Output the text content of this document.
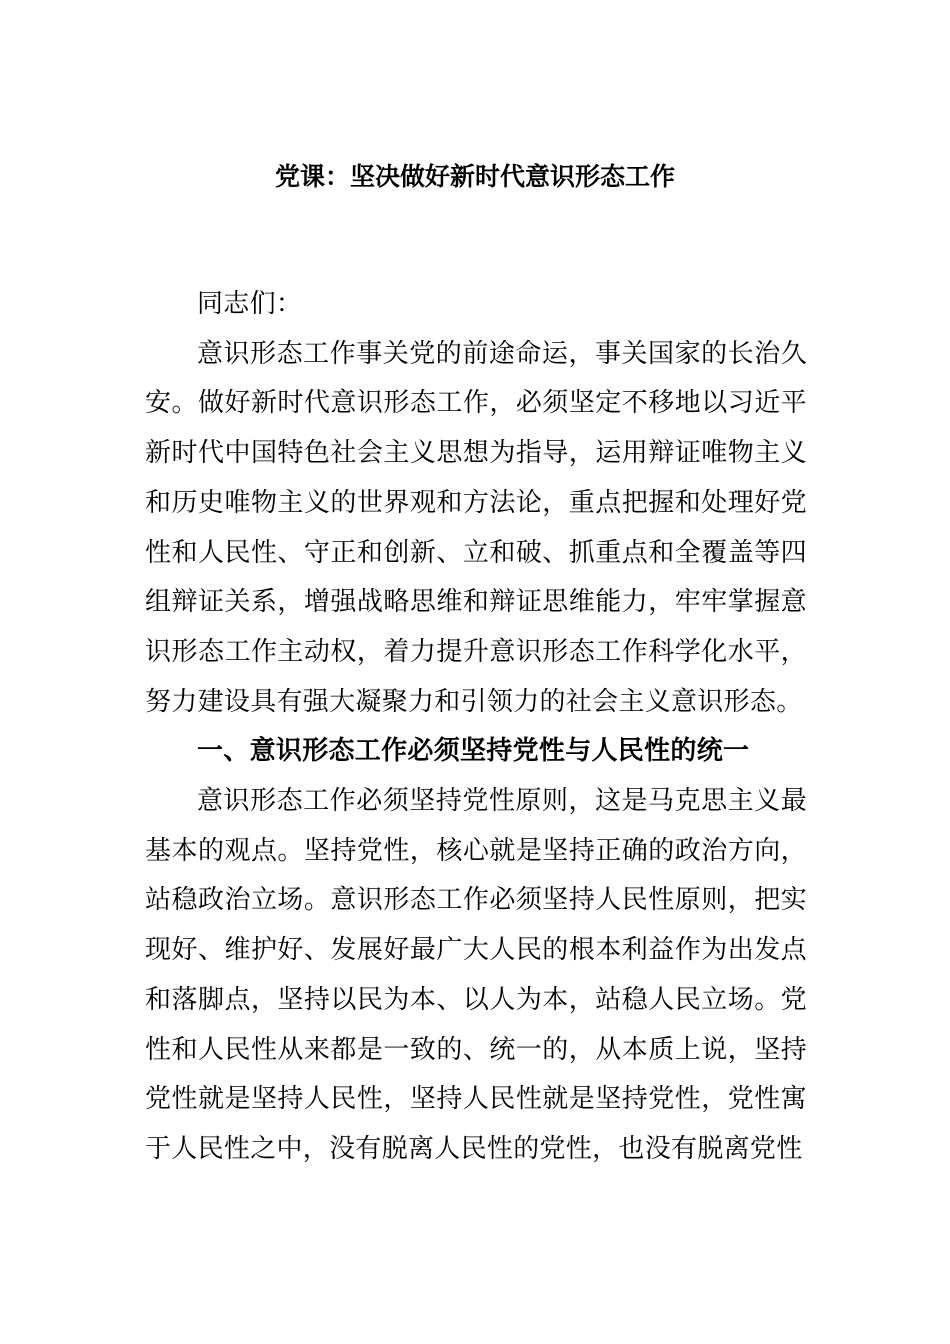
党课：坚决做好新时代意识形态工作

同志们：

意识形态工作事关党的前途命运，事关国家的长治久安。做好新时代意识形态工作，必须坚定不移地以习近平新时代中国特色社会主义思想为指导，运用辩证唯物主义和历史唯物主义的世界观和方法论，重点把握和处理好党性和人民性、守正和创新、立和破、抓重点和全覆盖等四组辩证关系，增强战略思维和辩证思维能力，牢牢掌握意识形态工作主动权，着力提升意识形态工作科学化水平，努力建设具有强大凝聚力和引领力的社会主义意识形态。

一、意识形态工作必须坚持党性与人民性的统一

意识形态工作必须坚持党性原则，这是马克思主义最基本的观点。坚持党性，核心就是坚持正确的政治方向，站稳政治立场。意识形态工作必须坚持人民性原则，把实现好、维护好、发展好最广大人民的根本利益作为出发点和落脚点，坚持以民为本、以人为本，站稳人民立场。党性和人民性从来都是一致的、统一的，从本质上说，坚持党性就是坚持人民性，坚持人民性就是坚持党性，党性寓于人民性之中，没有脱离人民性的党性，也没有脱离党性
